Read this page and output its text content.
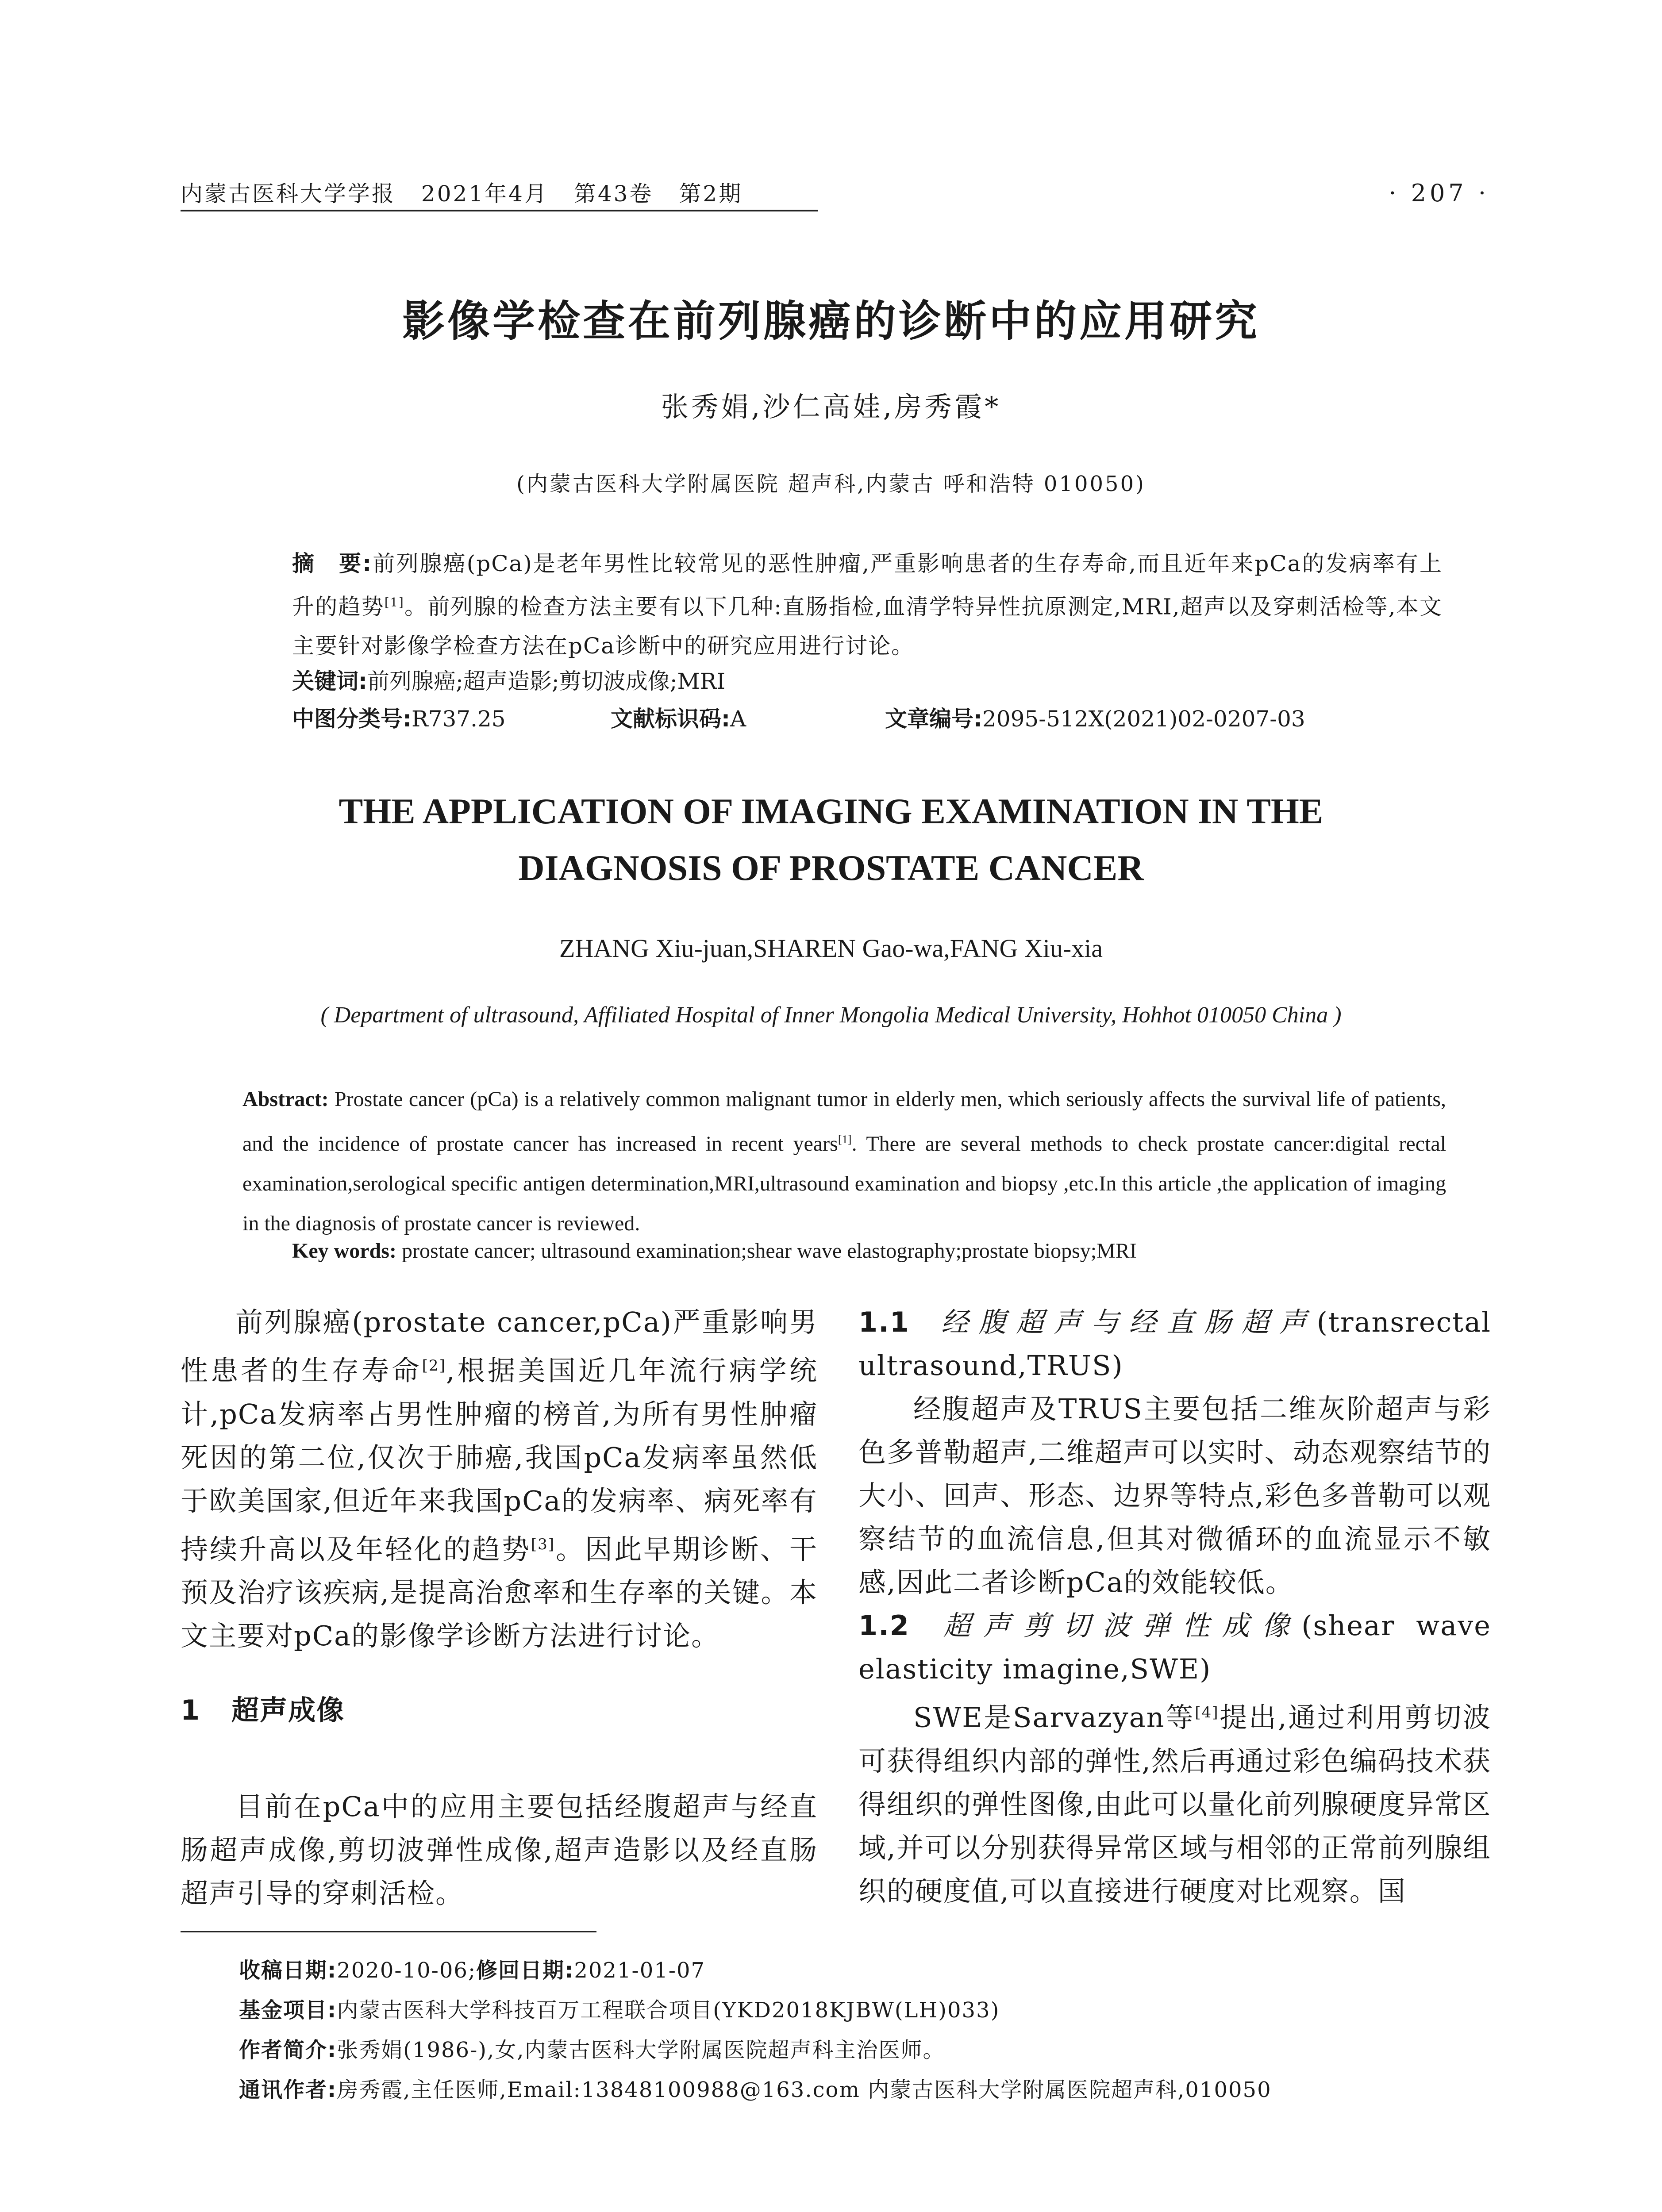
内蒙古医科大学学报 2021年4月 第43卷 第2期	· 207 ·
影像学检查在前列腺癌的诊断中的应用研究
张秀娟,沙仁高娃,房秀霞*
(内蒙古医科大学附属医院 超声科,内蒙古 呼和浩特 010050)
摘　要:前列腺癌(pCa)是老年男性比较常见的恶性肿瘤,严重影响患者的生存寿命,而且近年来pCa的发病率有上升的趋势[1]。前列腺的检查方法主要有以下几种:直肠指检,血清学特异性抗原测定,MRI,超声以及穿刺活检等,本文主要针对影像学检查方法在pCa诊断中的研究应用进行讨论。
关键词:前列腺癌;超声造影;剪切波成像;MRI
中图分类号:R737.25	文献标识码:A	文章编号:2095-512X(2021)02-0207-03
THE APPLICATION OF IMAGING EXAMINATION IN THE
DIAGNOSIS OF PROSTATE CANCER
ZHANG Xiu-juan,SHAREN Gao-wa,FANG Xiu-xia
( Department of ultrasound, Affiliated Hospital of Inner Mongolia Medical University, Hohhot 010050 China )
Abstract: Prostate cancer (pCa) is a relatively common malignant tumor in elderly men, which seriously affects the survival life of patients, and the incidence of prostate cancer has increased in recent years[1]. There are several methods to check prostate cancer:digital rectal examination,serological specific antigen determination,MRI,ultrasound examination and biopsy ,etc.In this article ,the application of imaging in the diagnosis of prostate cancer is reviewed.
Key words: prostate cancer; ultrasound examination;shear wave elastography;prostate biopsy;MRI

前列腺癌(prostate cancer,pCa)严重影响男性患者的生存寿命[2],根据美国近几年流行病学统计,pCa发病率占男性肿瘤的榜首,为所有男性肿瘤死因的第二位,仅次于肺癌,我国pCa发病率虽然低于欧美国家,但近年来我国pCa的发病率、病死率有持续升高以及年轻化的趋势[3]。因此早期诊断、干预及治疗该疾病,是提高治愈率和生存率的关键。本文主要对pCa的影像学诊断方法进行讨论。

1 超声成像

目前在pCa中的应用主要包括经腹超声与经直肠超声成像,剪切波弹性成像,超声造影以及经直肠超声引导的穿刺活检。

1.1 经腹超声与经直肠超声(transrectal ultrasound,TRUS)

经腹超声及TRUS主要包括二维灰阶超声与彩色多普勒超声,二维超声可以实时、动态观察结节的大小、回声、形态、边界等特点,彩色多普勒可以观察结节的血流信息,但其对微循环的血流显示不敏感,因此二者诊断pCa的效能较低。

1.2 超声剪切波弹性成像(shear wave elasticity imagine,SWE)

SWE是Sarvazyan等[4]提出,通过利用剪切波可获得组织内部的弹性,然后再通过彩色编码技术获得组织的弹性图像,由此可以量化前列腺硬度异常区域,并可以分别获得异常区域与相邻的正常前列腺组织的硬度值,可以直接进行硬度对比观察。国

收稿日期:2020-10-06;修回日期:2021-01-07
基金项目:内蒙古医科大学科技百万工程联合项目(YKD2018KJBW(LH)033)
作者简介:张秀娟(1986-),女,内蒙古医科大学附属医院超声科主治医师。
通讯作者:房秀霞,主任医师,Email:13848100988@163.com 内蒙古医科大学附属医院超声科,010050
